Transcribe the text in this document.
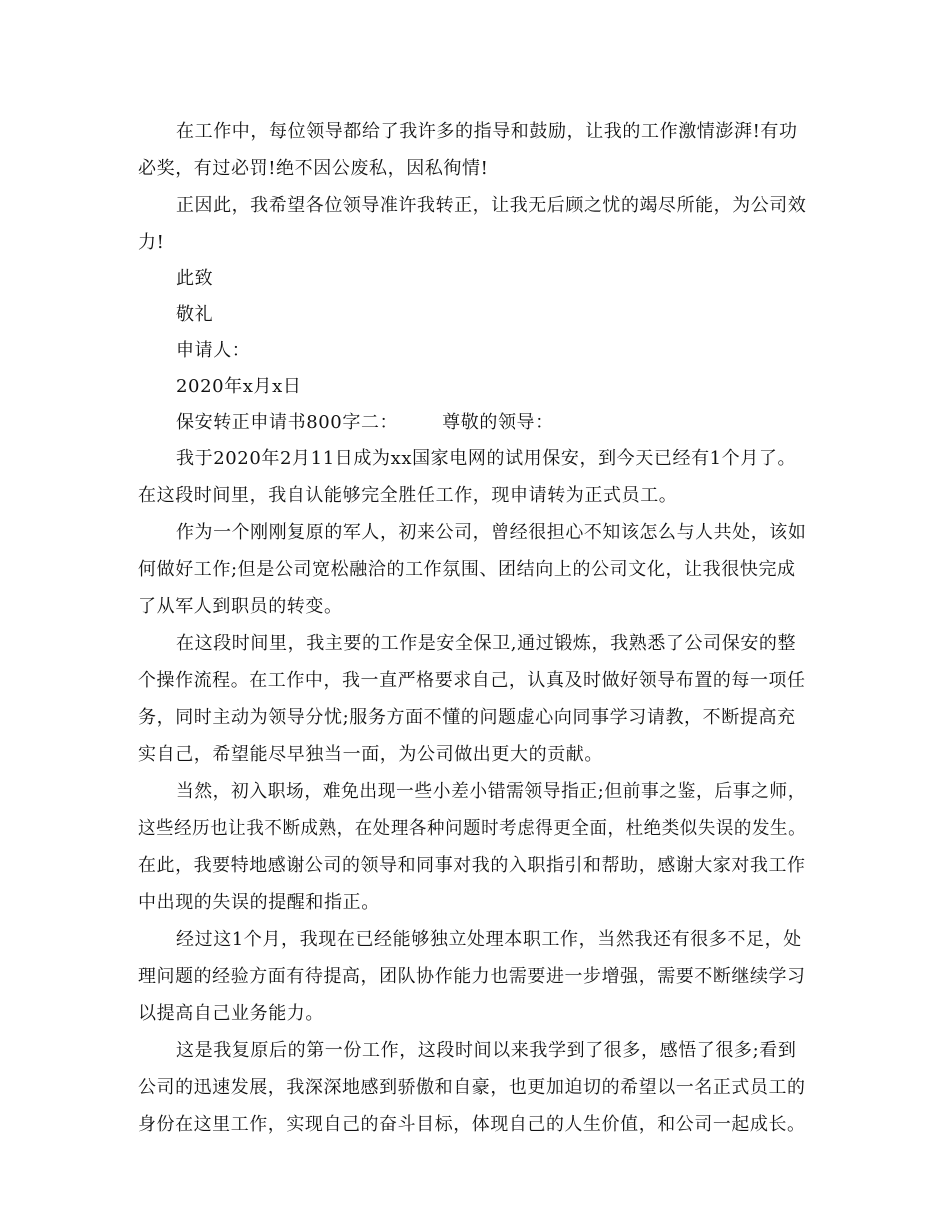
在工作中，每位领导都给了我许多的指导和鼓励，让我的工作激情澎湃!有功
必奖，有过必罚!绝不因公废私，因私徇情!
正因此，我希望各位领导准许我转正，让我无后顾之忧的竭尽所能，为公司效
力!
此致
敬礼
申请人：
2020年x月x日
保安转正申请书800字二： 尊敬的领导：
我于2020年2月11日成为xx国家电网的试用保安，到今天已经有1个月了。
在这段时间里，我自认能够完全胜任工作，现申请转为正式员工。
作为一个刚刚复原的军人，初来公司，曾经很担心不知该怎么与人共处，该如
何做好工作;但是公司宽松融洽的工作氛围、团结向上的公司文化，让我很快完成
了从军人到职员的转变。
在这段时间里，我主要的工作是安全保卫,通过锻炼，我熟悉了公司保安的整
个操作流程。在工作中，我一直严格要求自己，认真及时做好领导布置的每一项任
务，同时主动为领导分忧;服务方面不懂的问题虚心向同事学习请教，不断提高充
实自己，希望能尽早独当一面，为公司做出更大的贡献。
当然，初入职场，难免出现一些小差小错需领导指正;但前事之鉴，后事之师，
这些经历也让我不断成熟，在处理各种问题时考虑得更全面，杜绝类似失误的发生。
在此，我要特地感谢公司的领导和同事对我的入职指引和帮助，感谢大家对我工作
中出现的失误的提醒和指正。
经过这1个月，我现在已经能够独立处理本职工作，当然我还有很多不足，处
理问题的经验方面有待提高，团队协作能力也需要进一步增强，需要不断继续学习
以提高自己业务能力。
这是我复原后的第一份工作，这段时间以来我学到了很多，感悟了很多;看到
公司的迅速发展，我深深地感到骄傲和自豪，也更加迫切的希望以一名正式员工的
身份在这里工作，实现自己的奋斗目标，体现自己的人生价值，和公司一起成长。
